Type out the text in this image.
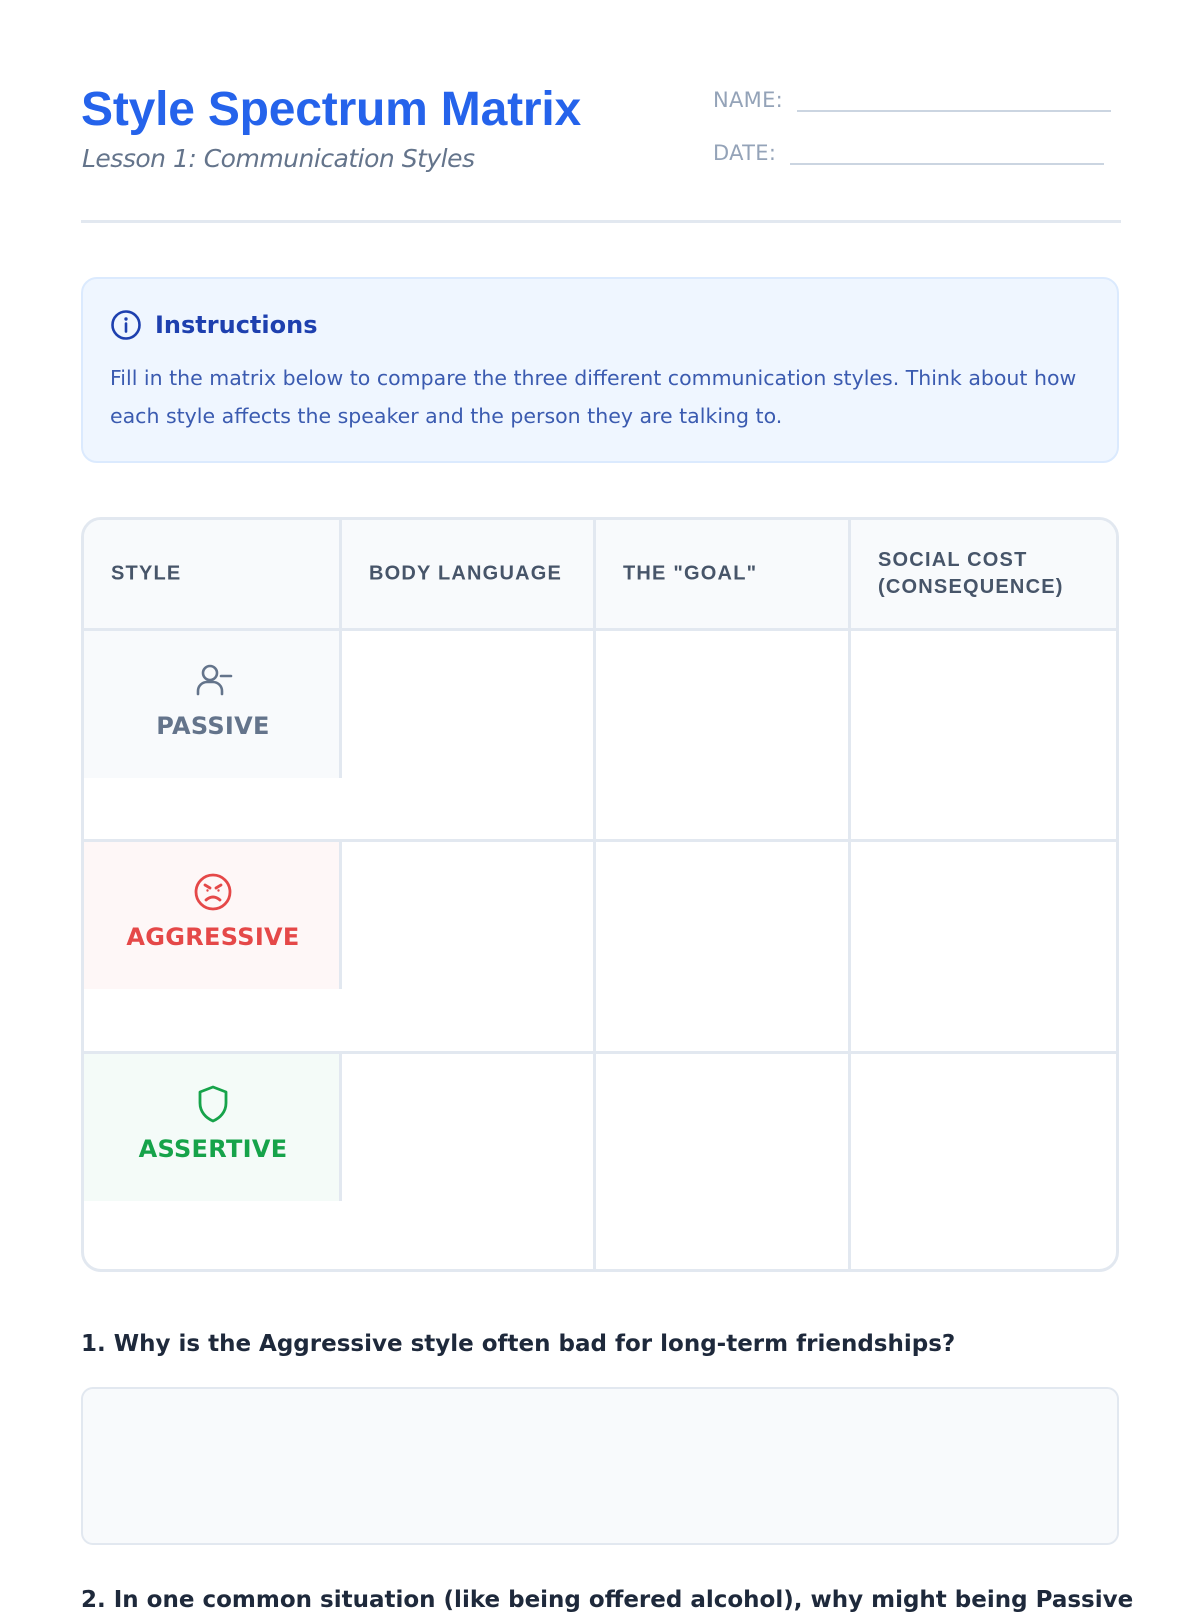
Style Spectrum Matrix
Lesson 1: Communication Styles
NAME:
DATE:
Instructions

Fill in the matrix below to compare the three different communication styles. Think about how each style affects the speaker and the person they are talking to.

STYLE	BODY LANGUAGE	THE "GOAL"
SOCIAL COST (CONSEQUENCE)
PASSIVE
AGGRESSIVE
ASSERTIVE
1. Why is the Aggressive style often bad for long-term friendships?
2. In one common situation (like being offered alcohol), why might being Passive
